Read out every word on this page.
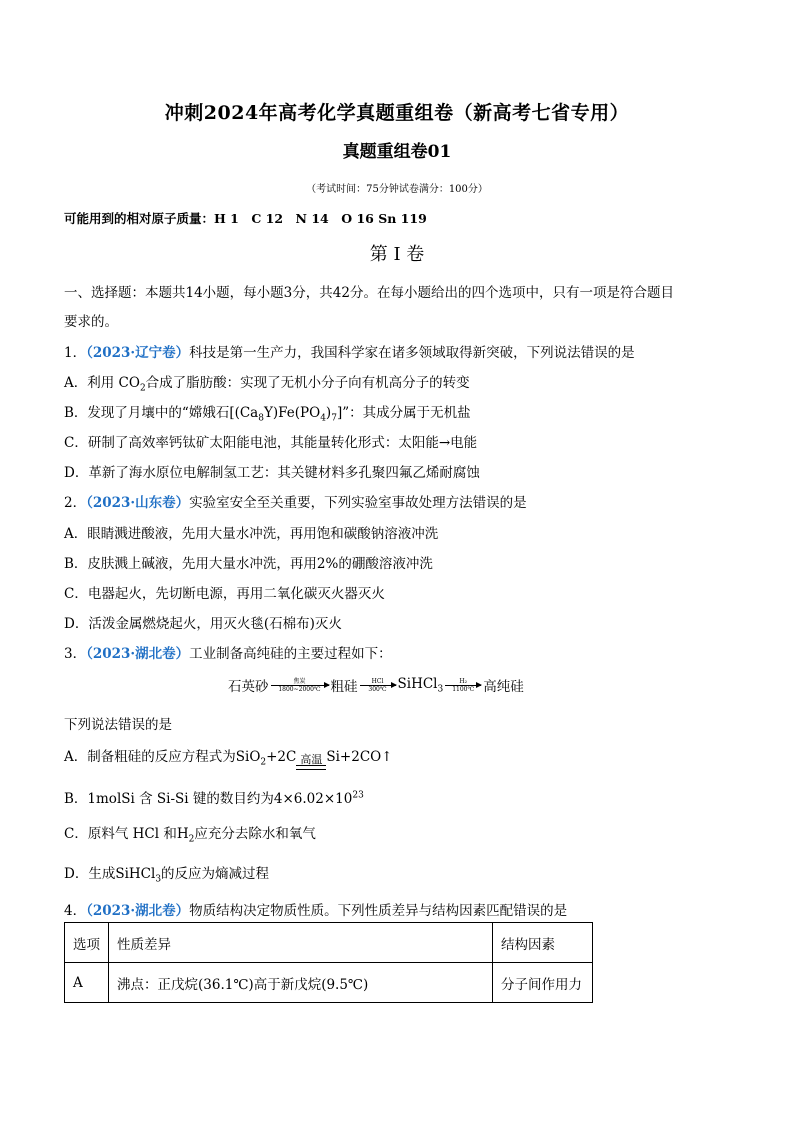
冲刺2024年高考化学真题重组卷（新高考七省专用）
真题重组卷01
（考试时间：75分钟试卷满分：100分）
可能用到的相对原子质量：H 1　C 12　N 14　O 16 Sn 119
第 I 卷
一、选择题：本题共14小题，每小题3分，共42分。在每小题给出的四个选项中，只有一项是符合题目
要求的。
1．（2023·辽宁卷）科技是第一生产力，我国科学家在诸多领域取得新突破，下列说法错误的是
A．利用 $CO_2$合成了脂肪酸：实现了无机小分子向有机高分子的转变
B．发现了月壤中的“嫦娥石$[(Ca_8Y)Fe(PO_4)_7]$”：其成分属于无机盐
C．研制了高效率钙钛矿太阳能电池，其能量转化形式：太阳能→电能
D．革新了海水原位电解制氢工艺：其关键材料多孔聚四氟乙烯耐腐蚀
2．（2023·山东卷）实验室安全至关重要，下列实验室事故处理方法错误的是
A．眼睛溅进酸液，先用大量水冲洗，再用饱和碳酸钠溶液冲洗
B．皮肤溅上碱液，先用大量水冲洗，再用2%的硼酸溶液冲洗
C．电器起火，先切断电源，再用二氧化碳灭火器灭火
D．活泼金属燃烧起火，用灭火毯(石棉布)灭火
3．（2023·湖北卷）工业制备高纯硅的主要过程如下：
石英砂	焦炭
1800~2000℃ 粗硅 HCl
300℃ SiHCl$_3$
H₂
1100℃ 高纯硅
下列说法错误的是
A．制备粗硅的反应方程式为SiO$_2$+2C 高温 Si+2CO↑
B．1molSi 含 Si-Si 键的数目约为$4\times 6.02\times 10^{23}$
C．原料气 HCl 和$H_2$应充分去除水和氧气
D．生成SiHCl$_3$的反应为熵减过程
4．（2023·湖北卷）物质结构决定物质性质。下列性质差异与结构因素匹配错误的是
选项	性质差异	结构因素
A	沸点：正戊烷(36.1℃)高于新戊烷(9.5℃)	分子间作用力
